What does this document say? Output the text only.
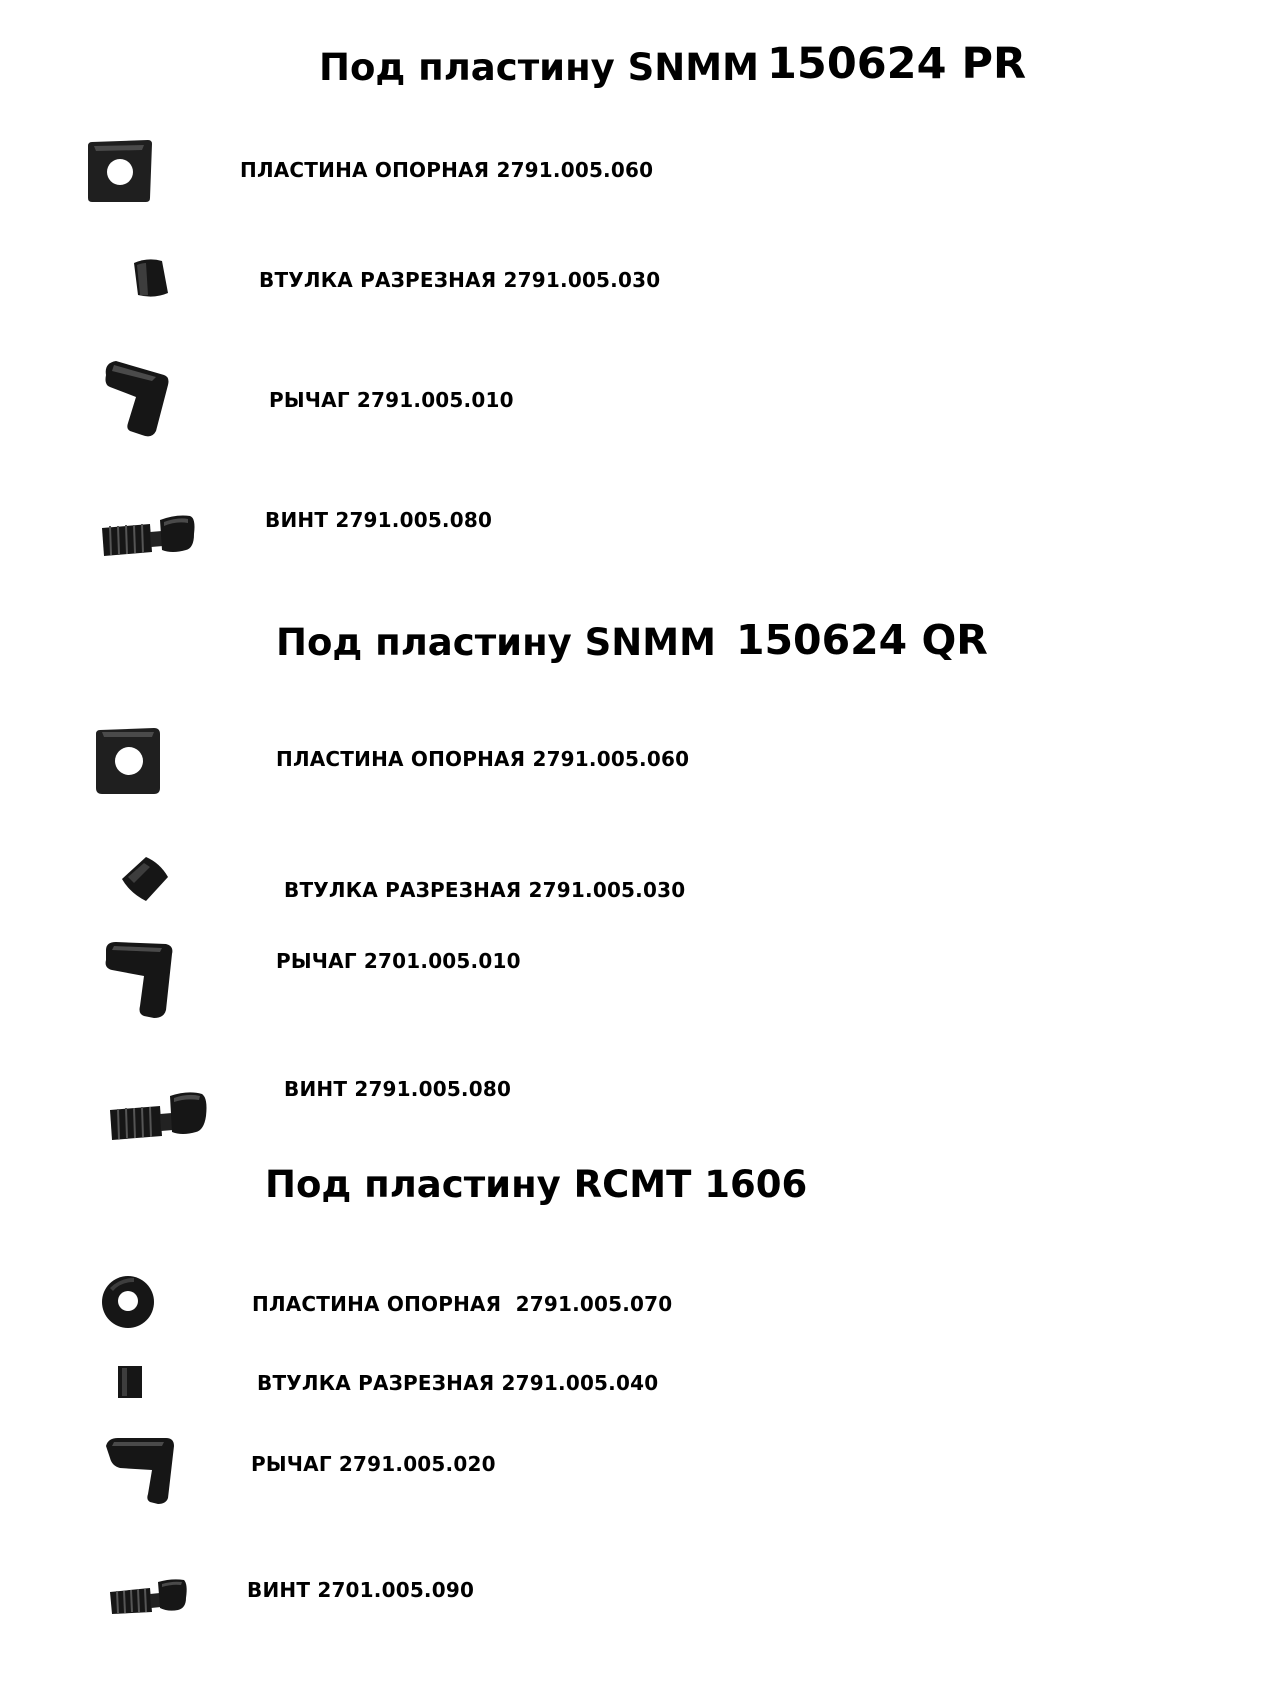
Под пластину SNMM 150624 PR
ПЛАСТИНА ОПОРНАЯ 2791.005.060
ВТУЛКА РАЗРЕЗНАЯ 2791.005.030
РЫЧАГ 2791.005.010
ВИНТ 2791.005.080
Под пластину SNMM 150624 QR
ПЛАСТИНА ОПОРНАЯ 2791.005.060
ВТУЛКА РАЗРЕЗНАЯ 2791.005.030
РЫЧАГ 2701.005.010
ВИНТ 2791.005.080
Под пластину RCMT 1606
ПЛАСТИНА ОПОРНАЯ  2791.005.070
ВТУЛКА РАЗРЕЗНАЯ 2791.005.040
РЫЧАГ 2791.005.020
ВИНТ 2701.005.090
